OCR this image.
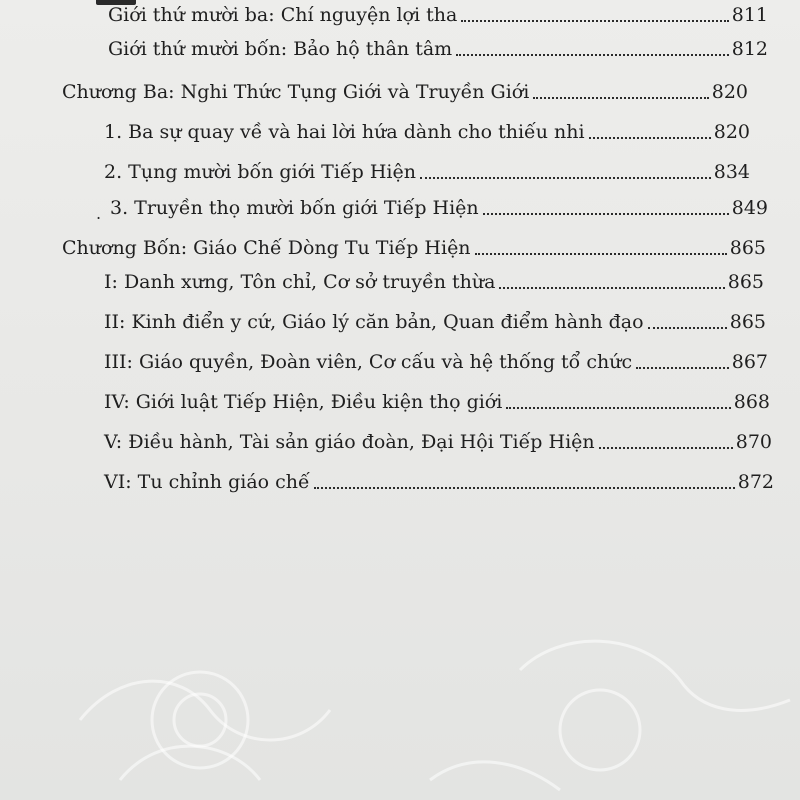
Giới thứ mười ba: Chí nguyện lợi tha	811
Giới thứ mười bốn: Bảo hộ thân tâm	812
Chương Ba: Nghi Thức Tụng Giới và Truyền Giới	820
1. Ba sự quay về và hai lời hứa dành cho thiếu nhi	820
2. Tụng mười bốn giới Tiếp Hiện	834
. 3. Truyền thọ mười bốn giới Tiếp Hiện	849
Chương Bốn: Giáo Chế Dòng Tu Tiếp Hiện	865
I: Danh xưng, Tôn chỉ, Cơ sở truyền thừa	865
II: Kinh điển y cứ, Giáo lý căn bản, Quan điểm hành đạo	865
III: Giáo quyền, Đoàn viên, Cơ cấu và hệ thống tổ chức	867
IV: Giới luật Tiếp Hiện, Điều kiện thọ giới	868
V: Điều hành, Tài sản giáo đoàn, Đại Hội Tiếp Hiện	870
VI: Tu chỉnh giáo chế	872
